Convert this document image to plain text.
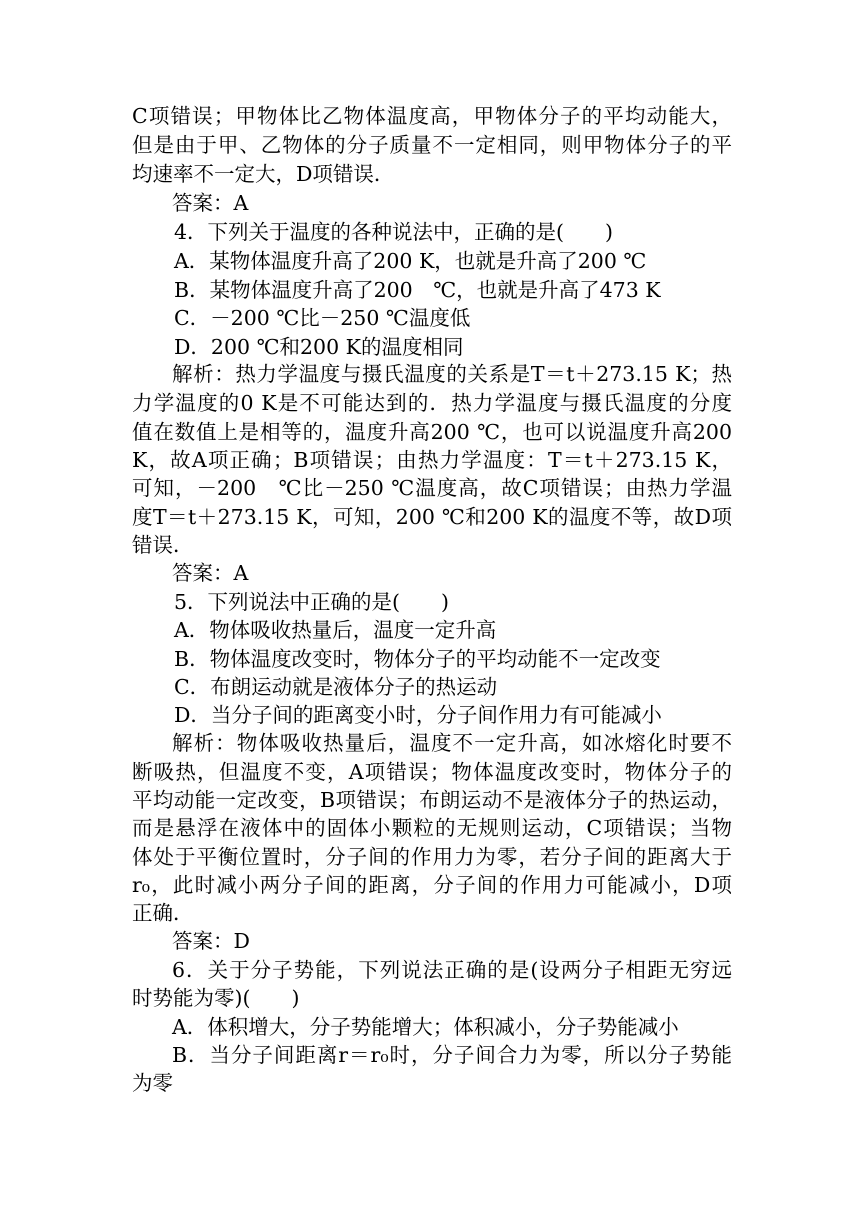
C项错误；甲物体比乙物体温度高，甲物体分子的平均动能大，
但是由于甲、乙物体的分子质量不一定相同，则甲物体分子的平
均速率不一定大，D项错误．
答案：A
4．下列关于温度的各种说法中，正确的是(　　)
A．某物体温度升高了200 K，也就是升高了200 ℃
B．某物体温度升高了200　℃，也就是升高了473 K
C．－200 ℃比－250 ℃温度低
D．200 ℃和200 K的温度相同
解析：热力学温度与摄氏温度的关系是T＝t＋273.15 K；热
力学温度的0 K是不可能达到的．热力学温度与摄氏温度的分度
值在数值上是相等的，温度升高200 ℃，也可以说温度升高200
K，故A项正确；B项错误；由热力学温度：T＝t＋273.15 K，
可知，－200　℃比－250 ℃温度高，故C项错误；由热力学温
度T＝t＋273.15 K，可知，200 ℃和200 K的温度不等，故D项
错误．
答案：A
5．下列说法中正确的是(　　)
A．物体吸收热量后，温度一定升高
B．物体温度改变时，物体分子的平均动能不一定改变
C．布朗运动就是液体分子的热运动
D．当分子间的距离变小时，分子间作用力有可能减小
解析：物体吸收热量后，温度不一定升高，如冰熔化时要不
断吸热，但温度不变，A项错误；物体温度改变时，物体分子的
平均动能一定改变，B项错误；布朗运动不是液体分子的热运动，
而是悬浮在液体中的固体小颗粒的无规则运动，C项错误；当物
体处于平衡位置时，分子间的作用力为零，若分子间的距离大于
r₀，此时减小两分子间的距离，分子间的作用力可能减小，D项
正确．
答案：D
6．关于分子势能，下列说法正确的是(设两分子相距无穷远
时势能为零)(　　)
A．体积增大，分子势能增大；体积减小，分子势能减小
B．当分子间距离r＝r₀时，分子间合力为零，所以分子势能
为零
